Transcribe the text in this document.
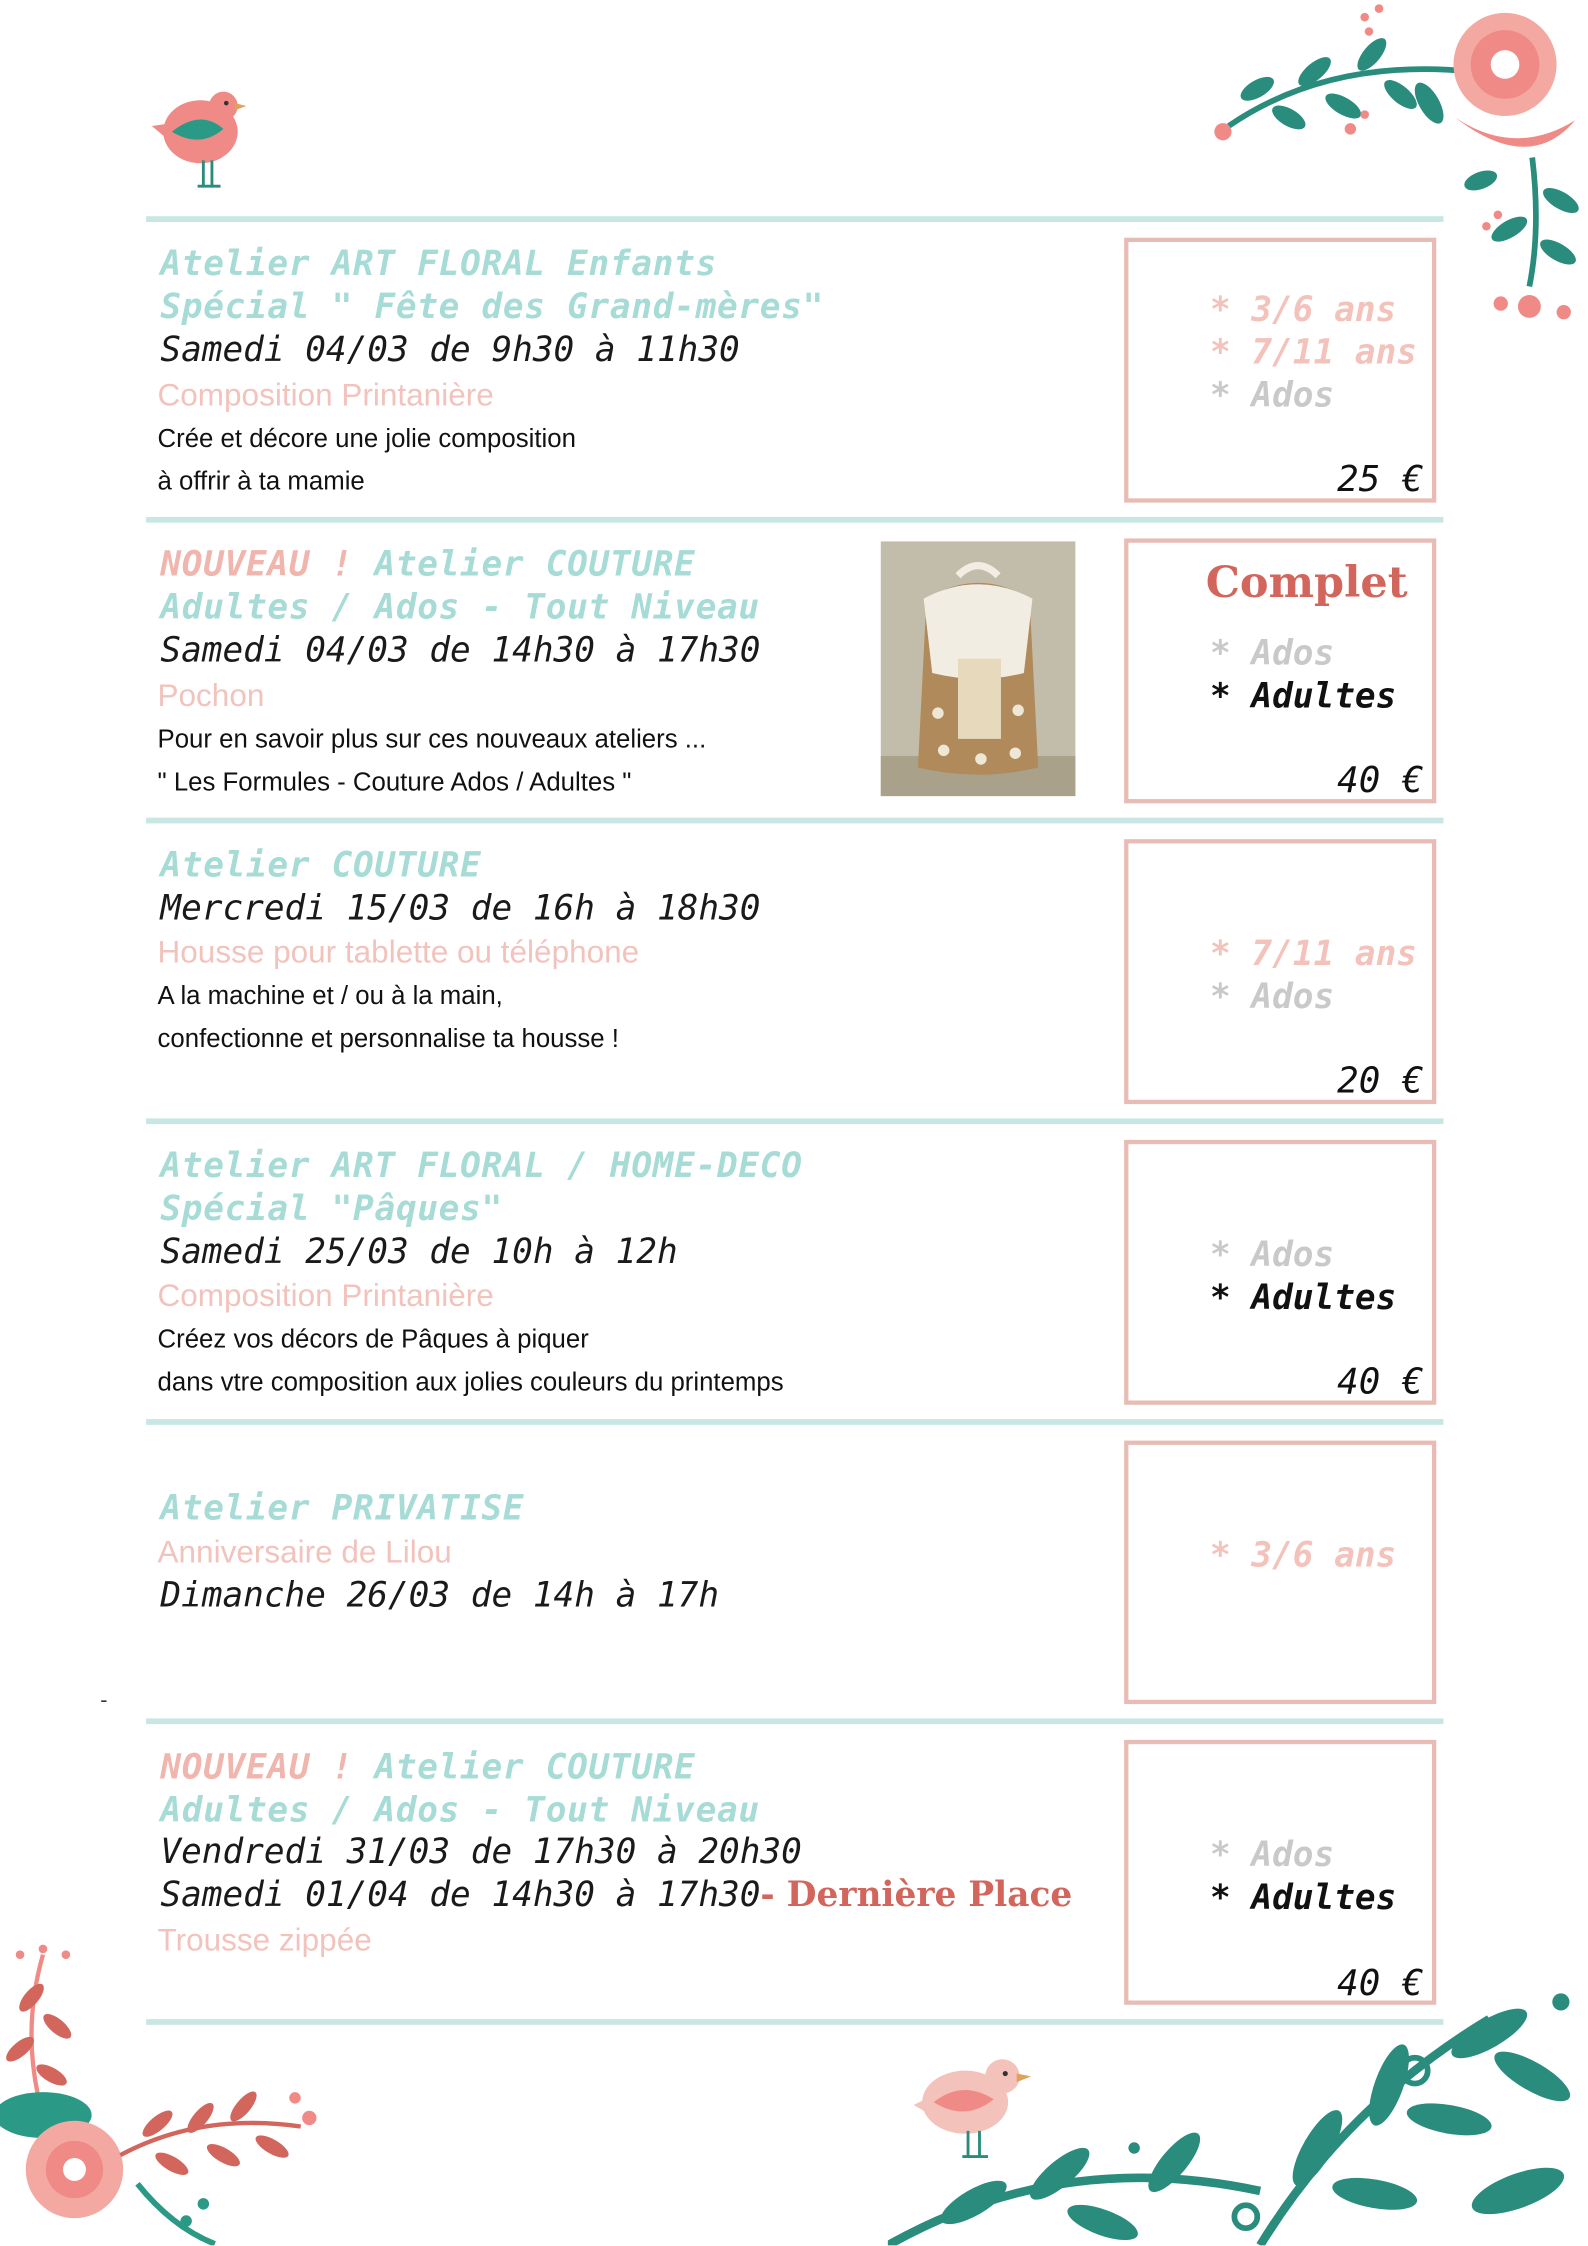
Atelier ART FLORAL Enfants
Spécial " Fête des Grand-mères"
Samedi 04/03 de 9h30 à 11h30
Composition Printanière
Crée et décore une jolie composition
à offrir à ta mamie
* 3/6 ans
* 7/11 ans
* Ados
25 €
NOUVEAU ! Atelier COUTURE
Adultes / Ados - Tout Niveau
Samedi 04/03 de 14h30 à 17h30
Pochon
Pour en savoir plus sur ces nouveaux ateliers ...
" Les Formules - Couture Ados / Adultes "
Complet
* Ados
* Adultes
40 €
Atelier COUTURE
Mercredi 15/03 de 16h à 18h30
Housse pour tablette ou téléphone
A la machine et / ou à la main,
confectionne et personnalise ta housse !
* 7/11 ans
* Ados
20 €
Atelier ART FLORAL / HOME-DECO
Spécial "Pâques"
Samedi 25/03 de 10h à 12h
Composition Printanière
Créez vos décors de Pâques à piquer
dans vtre composition aux jolies couleurs du printemps
* Ados
* Adultes
40 €
Atelier PRIVATISE
Anniversaire de Lilou
Dimanche 26/03 de 14h à 17h
* 3/6 ans
-
NOUVEAU ! Atelier COUTURE
Adultes / Ados - Tout Niveau
Vendredi 31/03 de 17h30 à 20h30
Samedi 01/04 de 14h30 à 17h30- Dernière Place
Trousse zippée
* Ados
* Adultes
40 €
